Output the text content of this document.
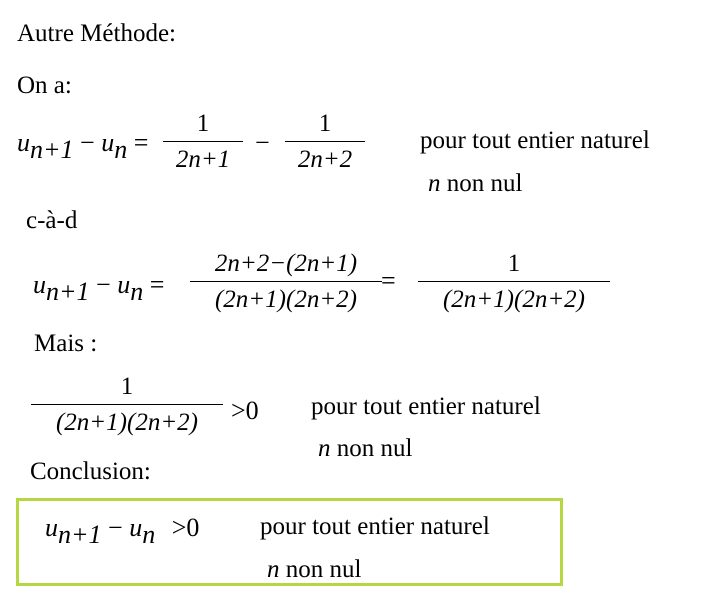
Autre Méthode:
On a:
un+1 − un =
1
2n+1
−
1
2n+2
pour tout entier naturel
n non nul
c-à-d
un+1 − un =
2n+2−(2n+1)
(2n+1)(2n+2)
=
1
(2n+1)(2n+2)
Mais :
1
(2n+1)(2n+2)	>0 pour tout entier naturel
n non nul
Conclusion:
un+1 − un >0 pour tout entier naturel
n non nul
